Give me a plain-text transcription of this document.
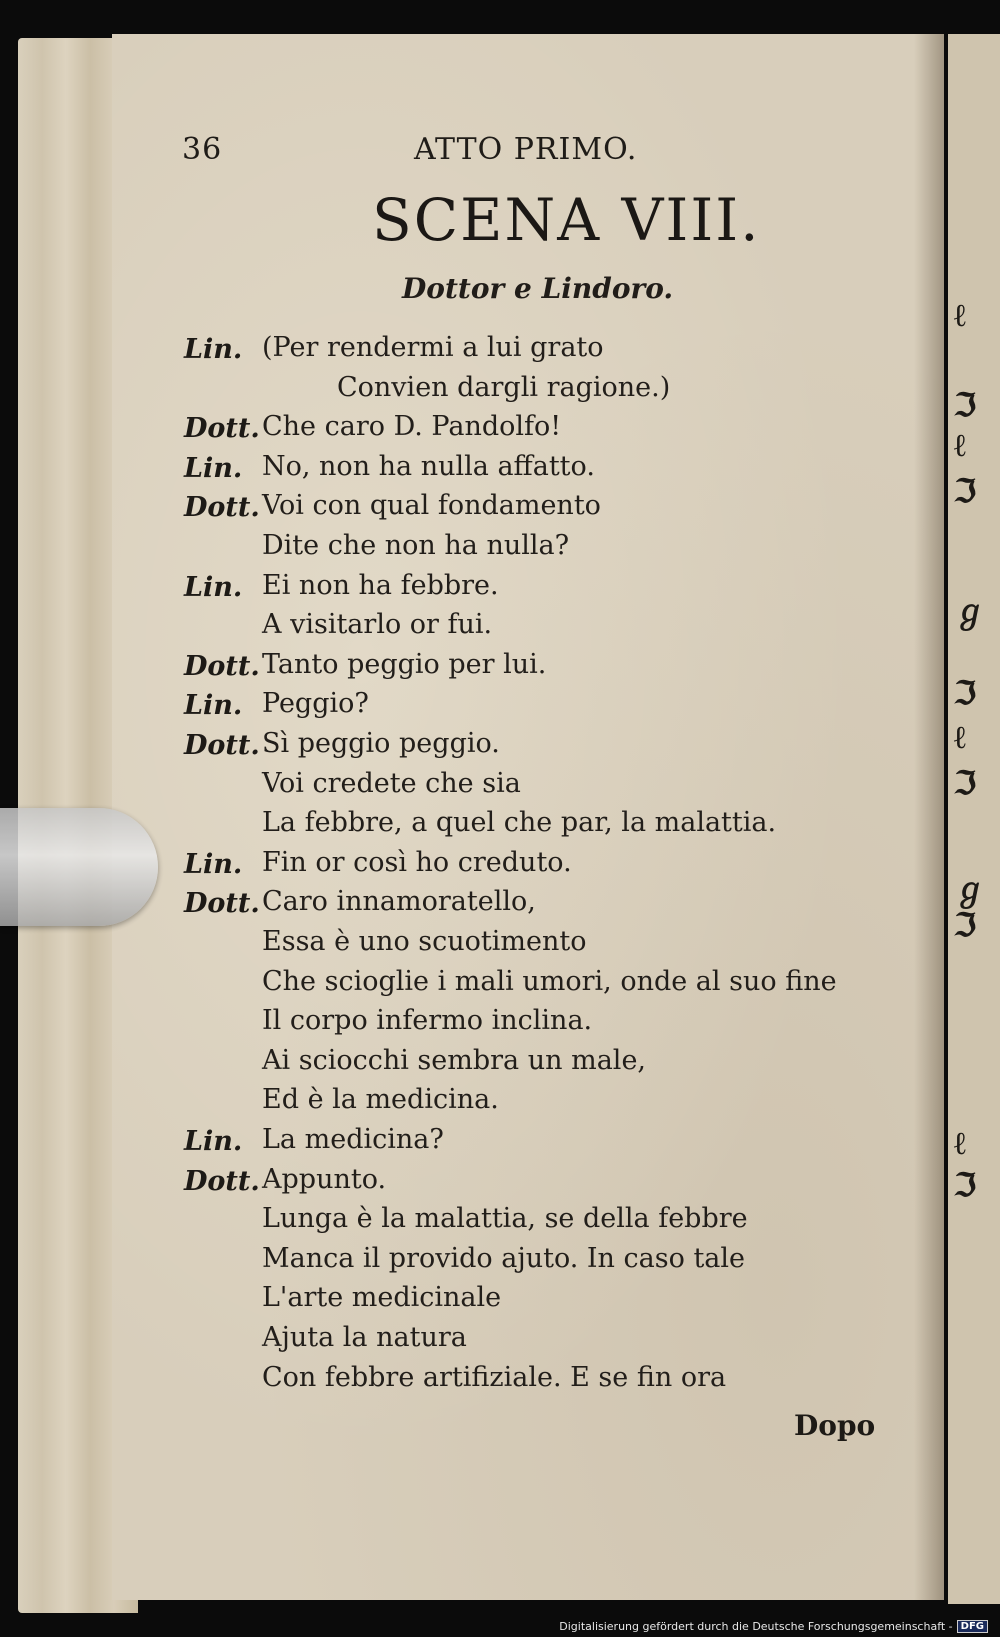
36	ATTO PRIMO.
SCENA VIII.
Dottor e Lindoro.
Lin. (Per rendermi a lui grato
Convien dargli ragione.)
Dott. Che caro D. Pandolfo!
Lin. No, non ha nulla affatto.
Dott. Voi con qual fondamento
Dite che non ha nulla?
Lin. Ei non ha febbre.
A visitarlo or fui.
Dott. Tanto peggio per lui.
Lin. Peggio?
Dott. Sì peggio peggio.
Voi credete che sia
La febbre, a quel che par, la malattia.
Lin. Fin or così ho creduto.
Dott. Caro innamoratello,
Essa è uno scuotimento
Che scioglie i mali umori, onde al suo fine
Il corpo infermo inclina.
Ai sciocchi sembra un male,
Ed è la medicina.
Lin. La medicina?
Dott. Appunto.
Lunga è la malattia, se della febbre
Manca il provido ajuto. In caso tale
L'arte medicinale
Ajuta la natura
Con febbre artifiziale. E se fin ora
Dopo
ℓ
ℑ
ℓ
ℑ
ℊ
ℑ
ℓ
ℑ
ℊ
ℑ
ℓ
ℑ
Digitalisierung gefördert durch die Deutsche Forschungsgemeinschaft - DFG
